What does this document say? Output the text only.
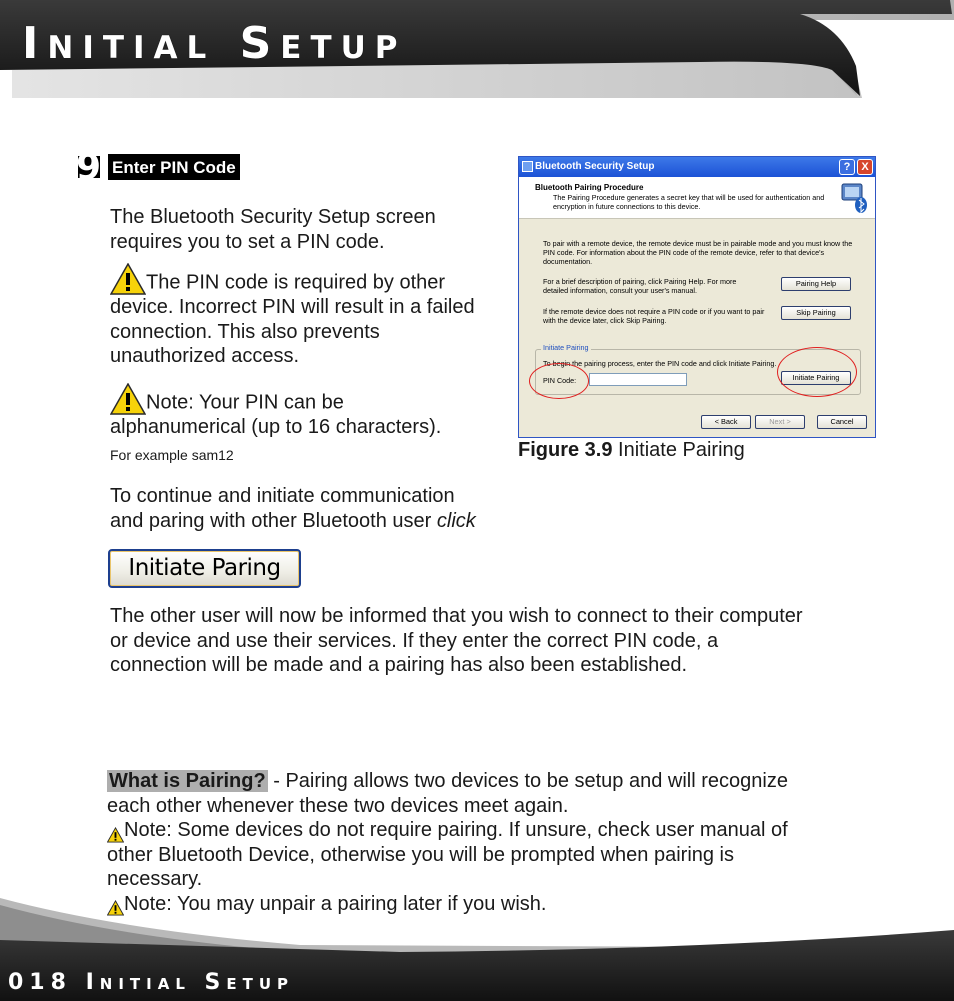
Initial Setup
018 Initial Setup
9 Enter PIN Code
The Bluetooth Security Setup screen
requires you to set a PIN code.
The PIN code is required by other
device. Incorrect PIN will result in a failed
connection. This also prevents
unauthorized access.
Note: Your PIN can be
alphanumerical (up to 16 characters).
For example sam12
To continue and initiate communication
and paring with other Bluetooth user click
Initiate Paring
The other user will now be informed that you wish to connect to their computer
or device and use their services. If they enter the correct PIN code, a
connection will be made and a pairing has also been established.
Bluetooth Security Setup	? X
Bluetooth Pairing Procedure
The Pairing Procedure generates a secret key that will be used for authentication and encryption in future connections to this device.
To pair with a remote device, the remote device must be in pairable mode and you must know the PIN code. For information about the PIN code of the remote device, refer to that device's documentation.
For a brief description of pairing, click Pairing Help. For more detailed information, consult your user's manual.
If the remote device does not require a PIN code or if you want to pair with the device later, click Skip Pairing.
Pairing Help
Skip Pairing
Initiate Pairing
To begin the pairing process, enter the PIN code and click Initiate Pairing.
PIN Code:	Initiate Pairing
< Back	Next >	Cancel
Figure 3.9 Initiate Pairing
What is Pairing? - Pairing allows two devices to be setup and will recognize
each other whenever these two devices meet again.
Note: Some devices do not require pairing. If unsure, check user manual of
other Bluetooth Device, otherwise you will be prompted when pairing is
necessary.
Note: You may unpair a pairing later if you wish.
